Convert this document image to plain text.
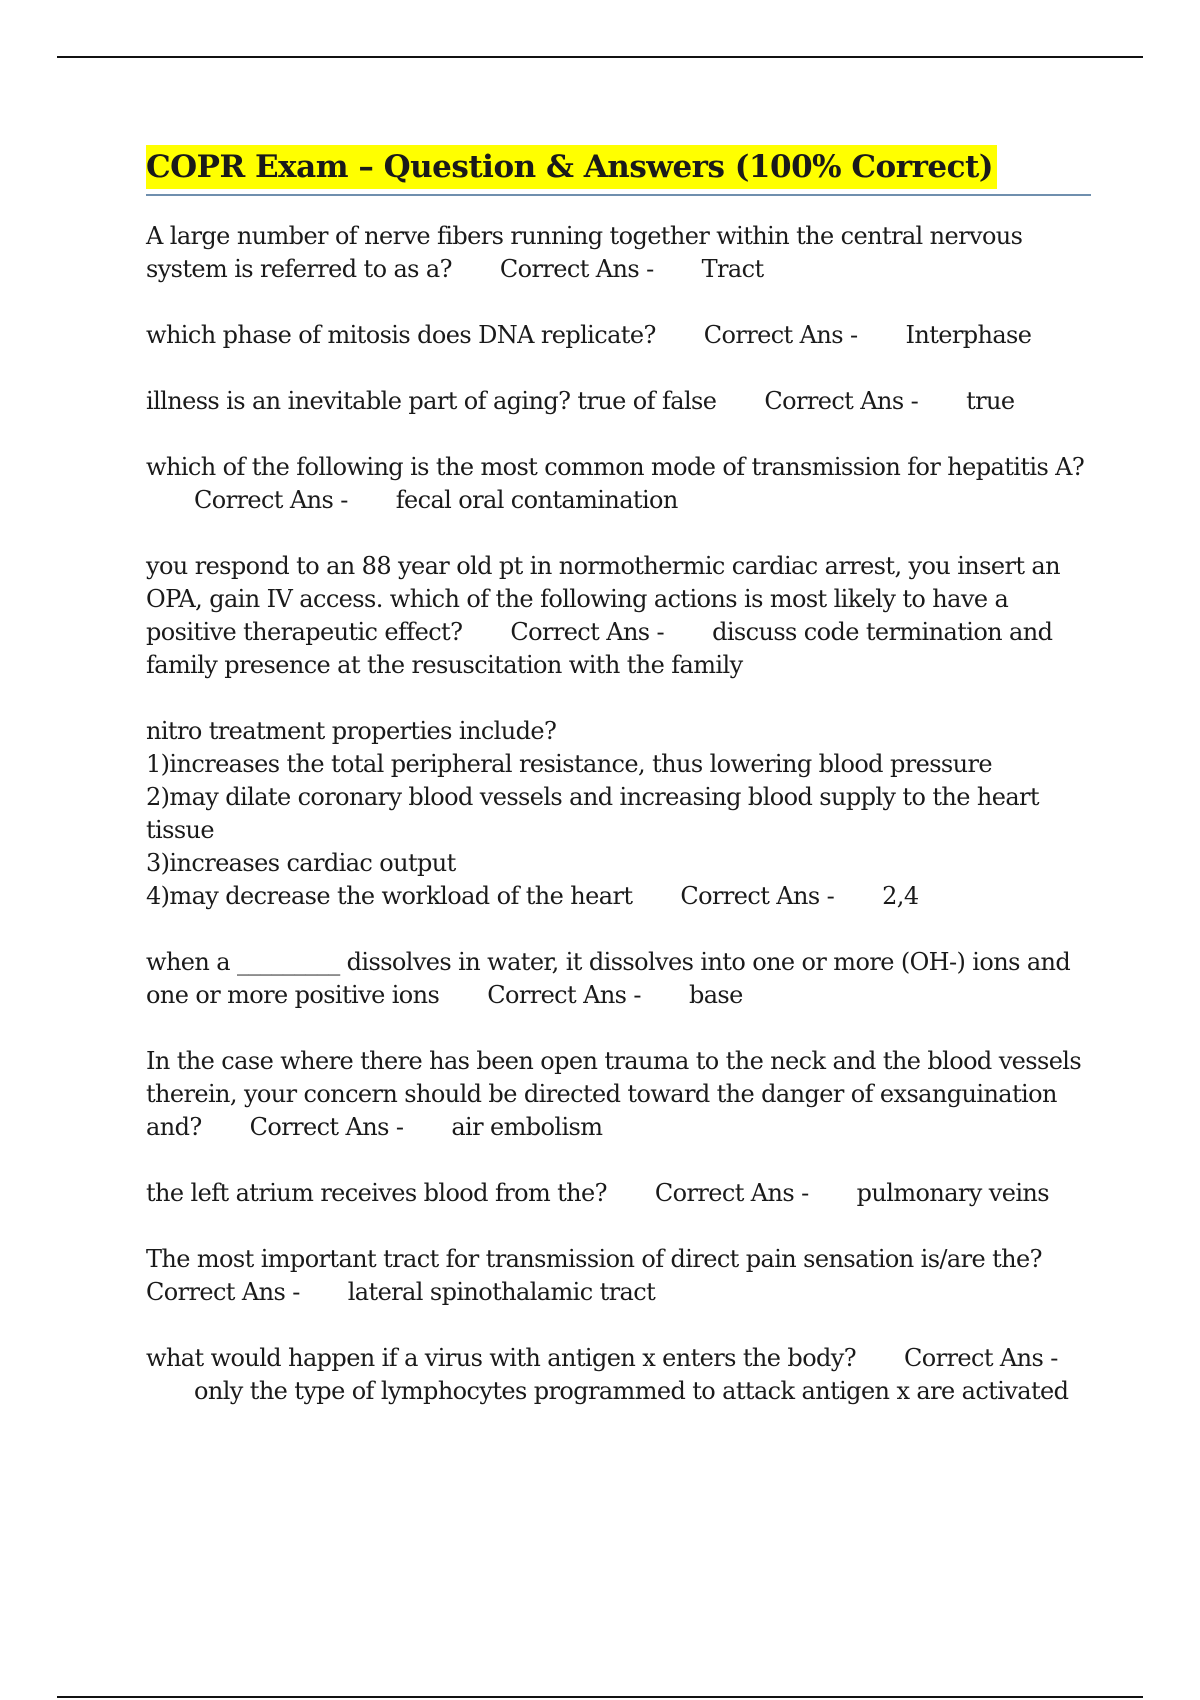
COPR Exam – Question & Answers (100% Correct)
A large number of nerve fibers running together within the central nervous system is referred to as a? Correct Ans - Tract
which phase of mitosis does DNA replicate? Correct Ans - Interphase
illness is an inevitable part of aging? true of false Correct Ans - true
which of the following is the most common mode of transmission for hepatitis A?Correct Ans - fecal oral contamination
you respond to an 88 year old pt in normothermic cardiac arrest, you insert an OPA, gain IV access. which of the following actions is most likely to have a positive therapeutic effect? Correct Ans - discuss code termination and family presence at the resuscitation with the family
nitro treatment properties include?
1)increases the total peripheral resistance, thus lowering blood pressure
2)may dilate coronary blood vessels and increasing blood supply to the heart tissue
3)increases cardiac output
4)may decrease the workload of the heart Correct Ans - 2,4
when a _________ dissolves in water, it dissolves into one or more (OH-) ions and one or more positive ions Correct Ans - base
In the case where there has been open trauma to the neck and the blood vessels therein, your concern should be directed toward the danger of exsanguination and? Correct Ans - air embolism
the left atrium receives blood from the? Correct Ans - pulmonary veins
The most important tract for transmission of direct pain sensation is/are the?Correct Ans - lateral spinothalamic tract
what would happen if a virus with antigen x enters the body? Correct Ans -only the type of lymphocytes programmed to attack antigen x are activated
